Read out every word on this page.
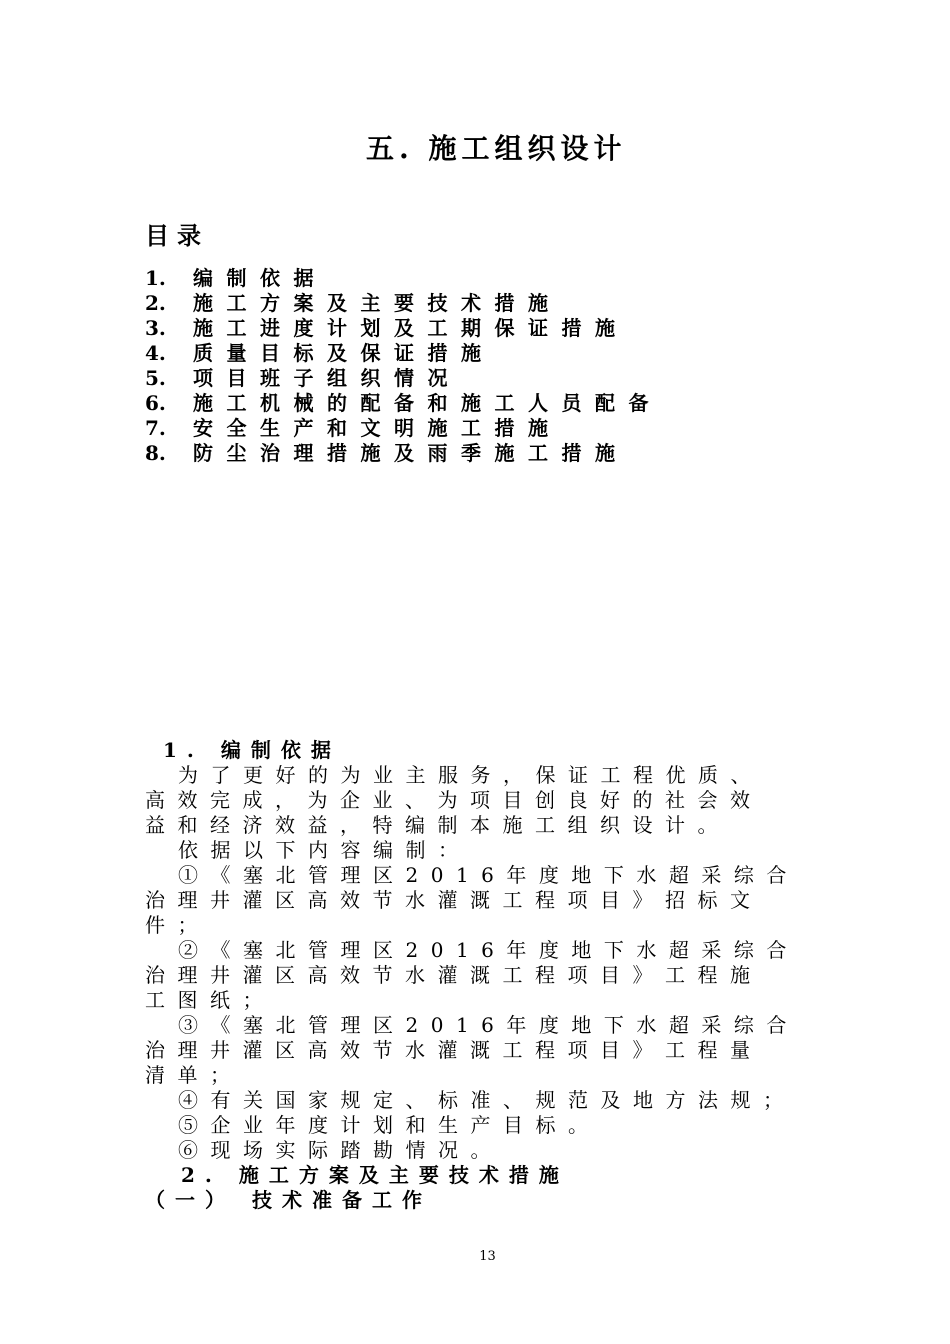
五. 施工组织设计
目录
1. 编制依据
2. 施工方案及主要技术措施
3. 施工进度计划及工期保证措施
4. 质量目标及保证措施
5. 项目班子组织情况
6. 施工机械的配备和施工人员配备
7. 安全生产和文明施工措施
8. 防尘治理措施及雨季施工措施
1. 编制依据
为了更好的为业主服务，保证工程优质、
高效完成，为企业、为项目创良好的社会效
益和经济效益，特编制本施工组织设计。
依据以下内容编制：
①《塞北管理区2016年度地下水超采综合
治理井灌区高效节水灌溉工程项目》招标文
件；
②《塞北管理区2016年度地下水超采综合
治理井灌区高效节水灌溉工程项目》工程施
工图纸；
③《塞北管理区2016年度地下水超采综合
治理井灌区高效节水灌溉工程项目》工程量
清单；
④有关国家规定、标准、规范及地方法规；
⑤企业年度计划和生产目标。
⑥现场实际踏勘情况。
2. 施工方案及主要技术措施
（一） 技术准备工作
13
